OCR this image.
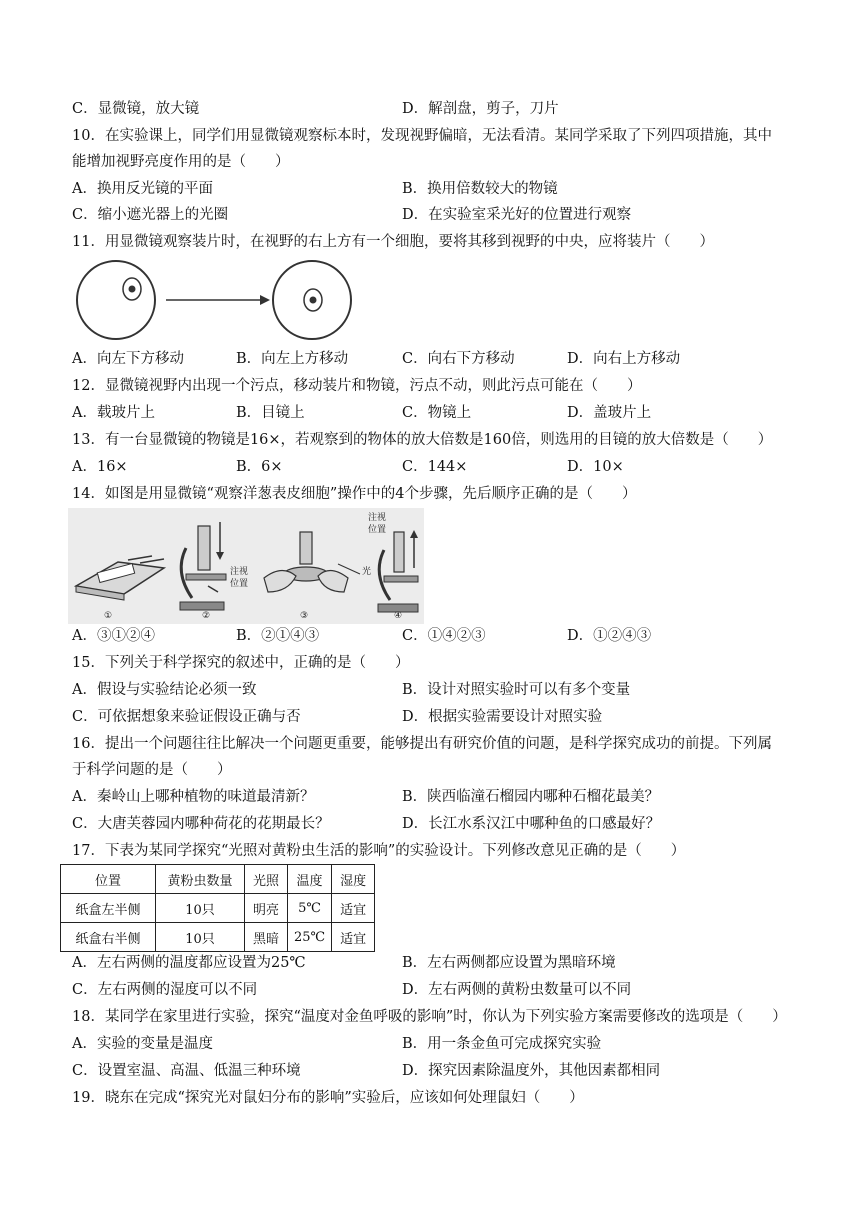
C．显微镜，放大镜	D．解剖盘，剪子，刀片
10．在实验课上，同学们用显微镜观察标本时，发现视野偏暗，无法看清。某同学采取了下列四项措施，其中
能增加视野亮度作用的是（　　）
A．换用反光镜的平面	B．换用倍数较大的物镜
C．缩小遮光器上的光圈	D．在实验室采光好的位置进行观察
11．用显微镜观察装片时，在视野的右上方有一个细胞，要将其移到视野的中央，应将装片（　　）
A．向左下方移动	B．向左上方移动	C．向右下方移动	D．向右上方移动
12．显微镜视野内出现一个污点，移动装片和物镜，污点不动，则此污点可能在（　　）
A．载玻片上	B．目镜上	C．物镜上	D．盖玻片上
13．有一台显微镜的物镜是16×，若观察到的物体的放大倍数是160倍，则选用的目镜的放大倍数是（　　）
A．16×	B．6×	C．144×	D．10×
14．如图是用显微镜“观察洋葱表皮细胞”操作中的4个步骤，先后顺序正确的是（　　）
①	②	③	④
注视
位置
注视
位置
光
A．③①②④	B．②①④③	C．①④②③	D．①②④③
15．下列关于科学探究的叙述中，正确的是（　　）
A．假设与实验结论必须一致	B．设计对照实验时可以有多个变量
C．可依据想象来验证假设正确与否	D．根据实验需要设计对照实验
16．提出一个问题往往比解决一个问题更重要，能够提出有研究价值的问题，是科学探究成功的前提。下列属
于科学问题的是（　　）
A．秦岭山上哪种植物的味道最清新？	B．陕西临潼石榴园内哪种石榴花最美？
C．大唐芙蓉园内哪种荷花的花期最长？	D．长江水系汉江中哪种鱼的口感最好？
17．下表为某同学探究“光照对黄粉虫生活的影响”的实验设计。下列修改意见正确的是（　　）
位置	黄粉虫数量	光照	温度	湿度
纸盒左半侧	10只	明亮	5℃	适宜
纸盒右半侧	10只	黑暗	25℃	适宜
A．左右两侧的温度都应设置为25℃	B．左右两侧都应设置为黑暗环境
C．左右两侧的湿度可以不同	D．左右两侧的黄粉虫数量可以不同
18．某同学在家里进行实验，探究“温度对金鱼呼吸的影响”时，你认为下列实验方案需要修改的选项是（　　）
A．实验的变量是温度	B．用一条金鱼可完成探究实验
C．设置室温、高温、低温三种环境	D．探究因素除温度外，其他因素都相同
19．晓东在完成“探究光对鼠妇分布的影响”实验后，应该如何处理鼠妇（　　）
